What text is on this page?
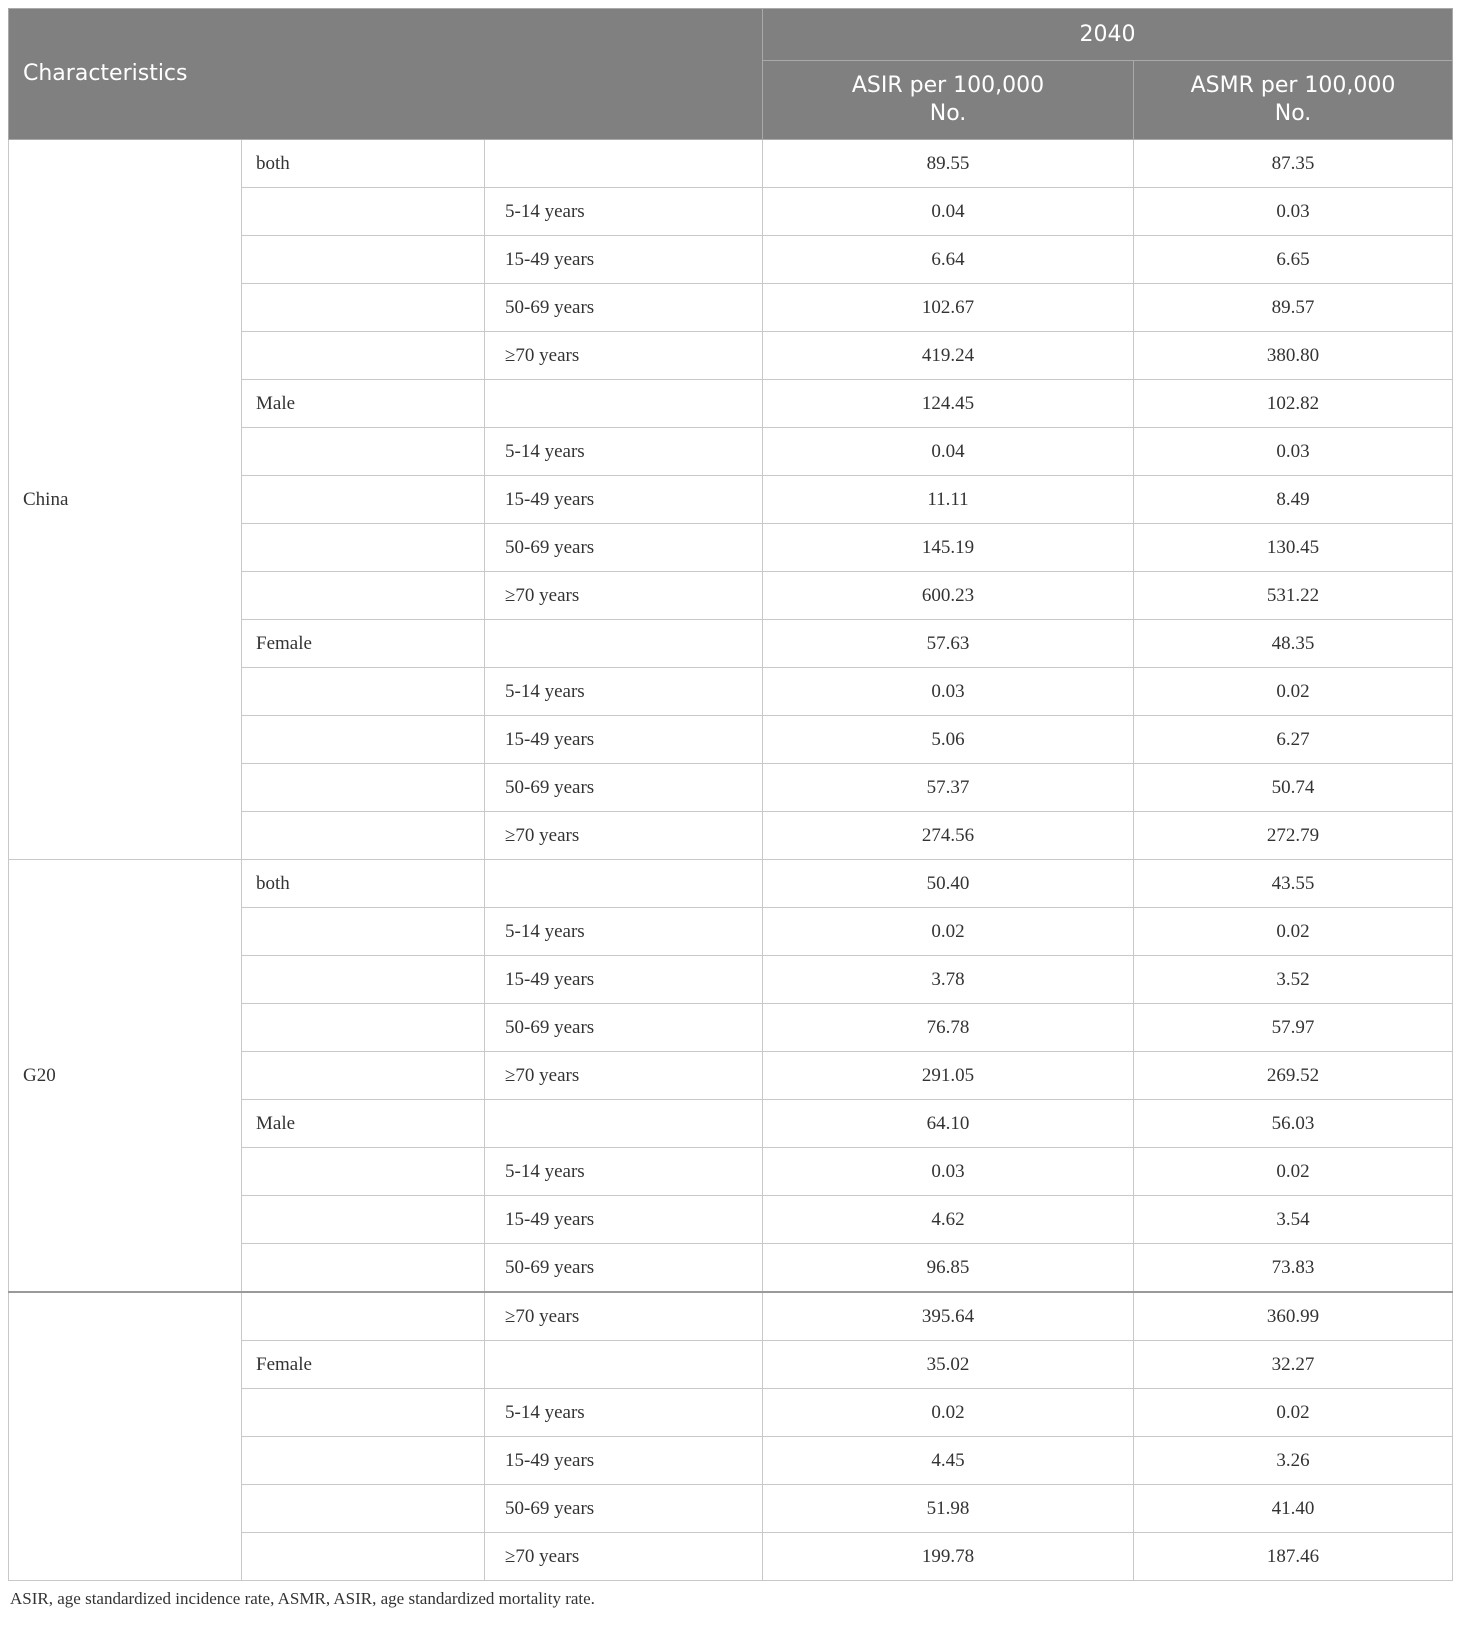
Characteristics			2040	

			ASIR per 100,000
No.	ASMR per 100,000
No.

China	both		89.55	87.35
		5-14 years	0.04	0.03
		15-49 years	6.64	6.65
		50-69 years	102.67	89.57
		≥70 years	419.24	380.80
	Male		124.45	102.82
		5-14 years	0.04	0.03
		15-49 years	11.11	8.49
		50-69 years	145.19	130.45
		≥70 years	600.23	531.22
	Female		57.63	48.35
		5-14 years	0.03	0.02
		15-49 years	5.06	6.27
		50-69 years	57.37	50.74
		≥70 years	274.56	272.79
G20	both		50.40	43.55
		5-14 years	0.02	0.02
		15-49 years	3.78	3.52
		50-69 years	76.78	57.97
		≥70 years	291.05	269.52
	Male		64.10	56.03
		5-14 years	0.03	0.02
		15-49 years	4.62	3.54
		50-69 years	96.85	73.83
		≥70 years	395.64	360.99
	Female		35.02	32.27
		5-14 years	0.02	0.02
		15-49 years	4.45	3.26
		50-69 years	51.98	41.40
		≥70 years	199.78	187.46
ASIR, age standardized incidence rate, ASMR, ASIR, age standardized mortality rate.
